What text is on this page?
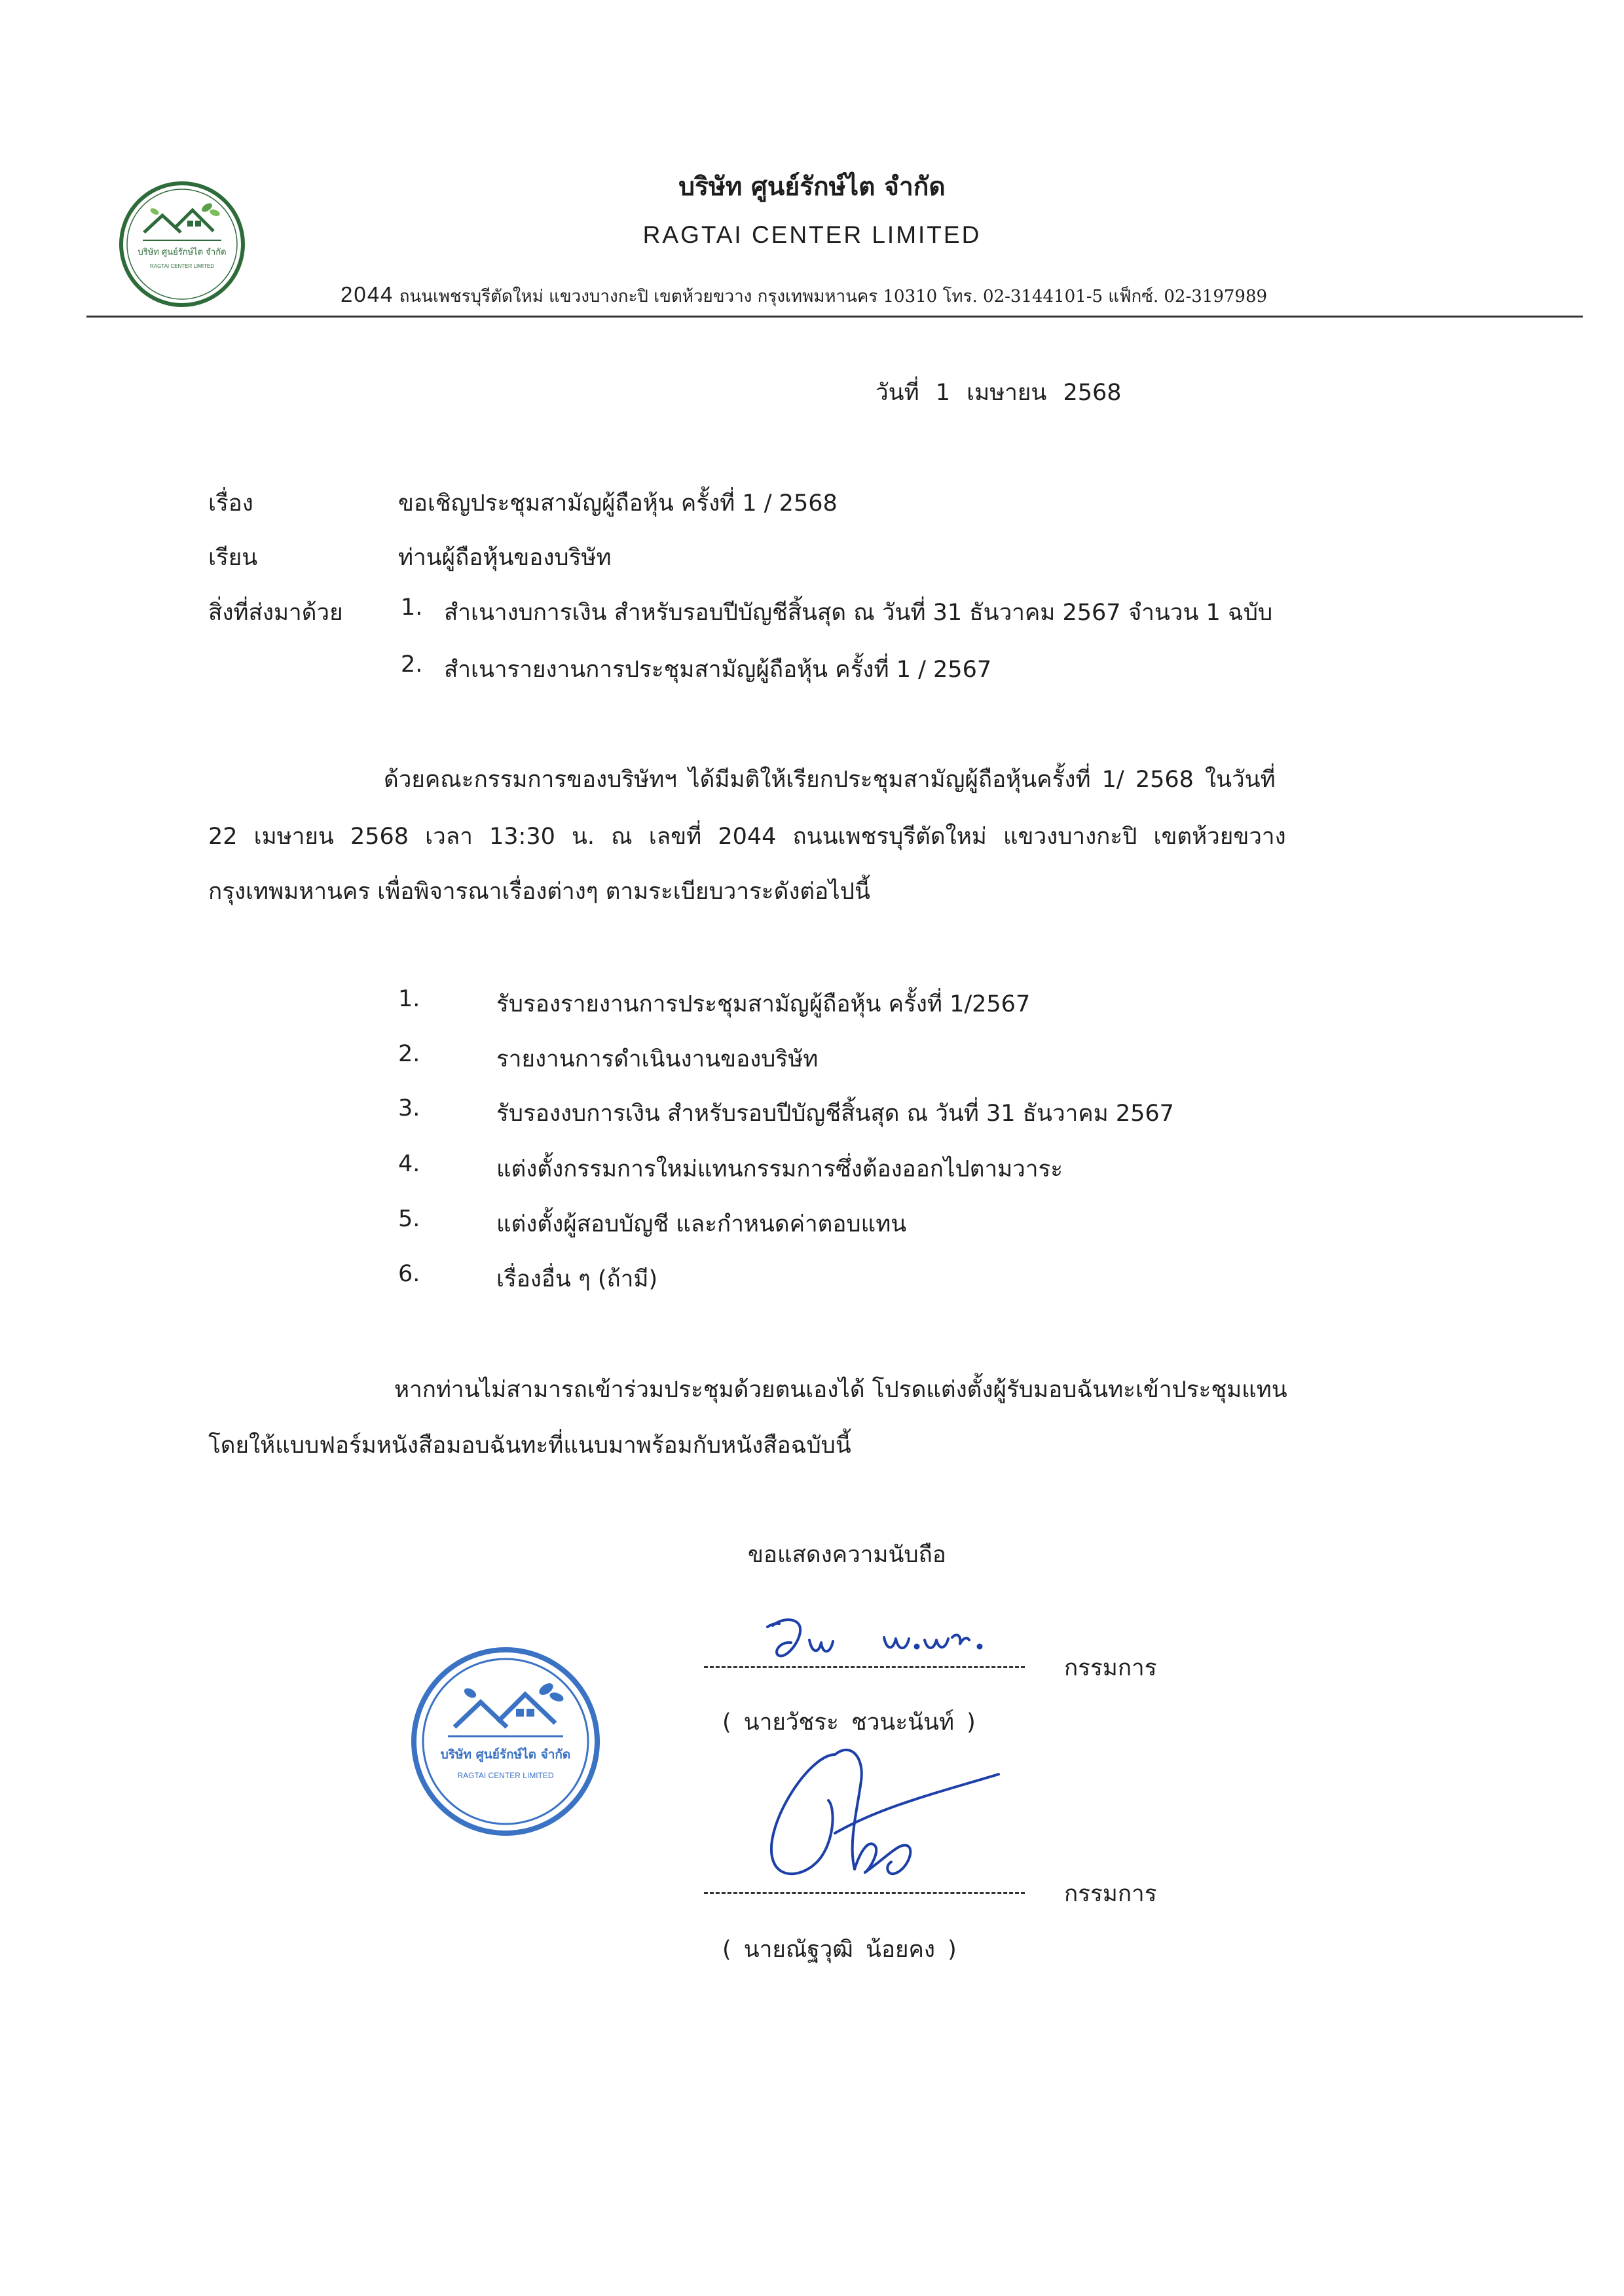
บริษัท ศูนย์รักษ์ไต จำกัด
RAGTAI CENTER LIMITED
บริษัท ศูนย์รักษ์ไต จำกัด
RAGTAI CENTER LIMITED
2044 ถนนเพชรบุรีตัดใหม่ แขวงบางกะปิ เขตห้วยขวาง กรุงเทพมหานคร 10310 โทร. 02-3144101-5 แฟ็กซ์. 02-3197989
วันที่ 1 เมษายน 2568
เรื่อง	ขอเชิญประชุมสามัญผู้ถือหุ้น ครั้งที่ 1 / 2568
เรียน	ท่านผู้ถือหุ้นของบริษัท
สิ่งที่ส่งมาด้วย	1. สำเนางบการเงิน สำหรับรอบปีบัญชีสิ้นสุด ณ วันที่ 31 ธันวาคม 2567 จำนวน 1 ฉบับ
2. สำเนารายงานการประชุมสามัญผู้ถือหุ้น ครั้งที่ 1 / 2567
ด้วยคณะกรรมการของบริษัทฯ ได้มีมติให้เรียกประชุมสามัญผู้ถือหุ้นครั้งที่ 1/ 2568 ในวันที่
22 เมษายน 2568 เวลา 13:30 น. ณ เลขที่ 2044 ถนนเพชรบุรีตัดใหม่ แขวงบางกะปิ เขตห้วยขวาง
กรุงเทพมหานคร เพื่อพิจารณาเรื่องต่างๆ ตามระเบียบวาระดังต่อไปนี้
1.	รับรองรายงานการประชุมสามัญผู้ถือหุ้น ครั้งที่ 1/2567
2.	รายงานการดำเนินงานของบริษัท
3.	รับรองงบการเงิน สำหรับรอบปีบัญชีสิ้นสุด ณ วันที่ 31 ธันวาคม 2567
4.	แต่งตั้งกรรมการใหม่แทนกรรมการซึ่งต้องออกไปตามวาระ
5.	แต่งตั้งผู้สอบบัญชี และกำหนดค่าตอบแทน
6.	เรื่องอื่น ๆ (ถ้ามี)
หากท่านไม่สามารถเข้าร่วมประชุมด้วยตนเองได้ โปรดแต่งตั้งผู้รับมอบฉันทะเข้าประชุมแทน
โดยให้แบบฟอร์มหนังสือมอบฉันทะที่แนบมาพร้อมกับหนังสือฉบับนี้
ขอแสดงความนับถือ
บริษัท ศูนย์รักษ์ไต จำกัด
RAGTAI CENTER LIMITED
กรรมการ
( นายวัชระ ชวนะนันท์ )
กรรมการ
( นายณัฐวุฒิ น้อยคง )
